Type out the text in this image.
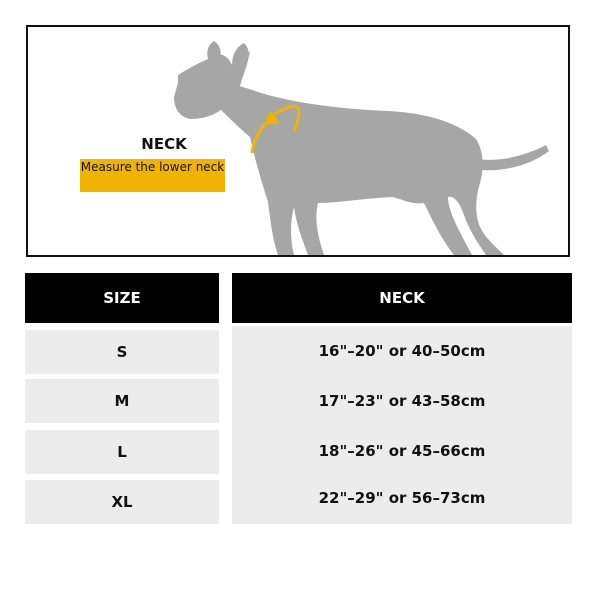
NECK
Measure the lower neck
SIZE	NECK
S
M
L
XL
16"–20" or 40–50cm
17"–23" or 43–58cm
18"–26" or 45–66cm
22"–29" or 56–73cm
